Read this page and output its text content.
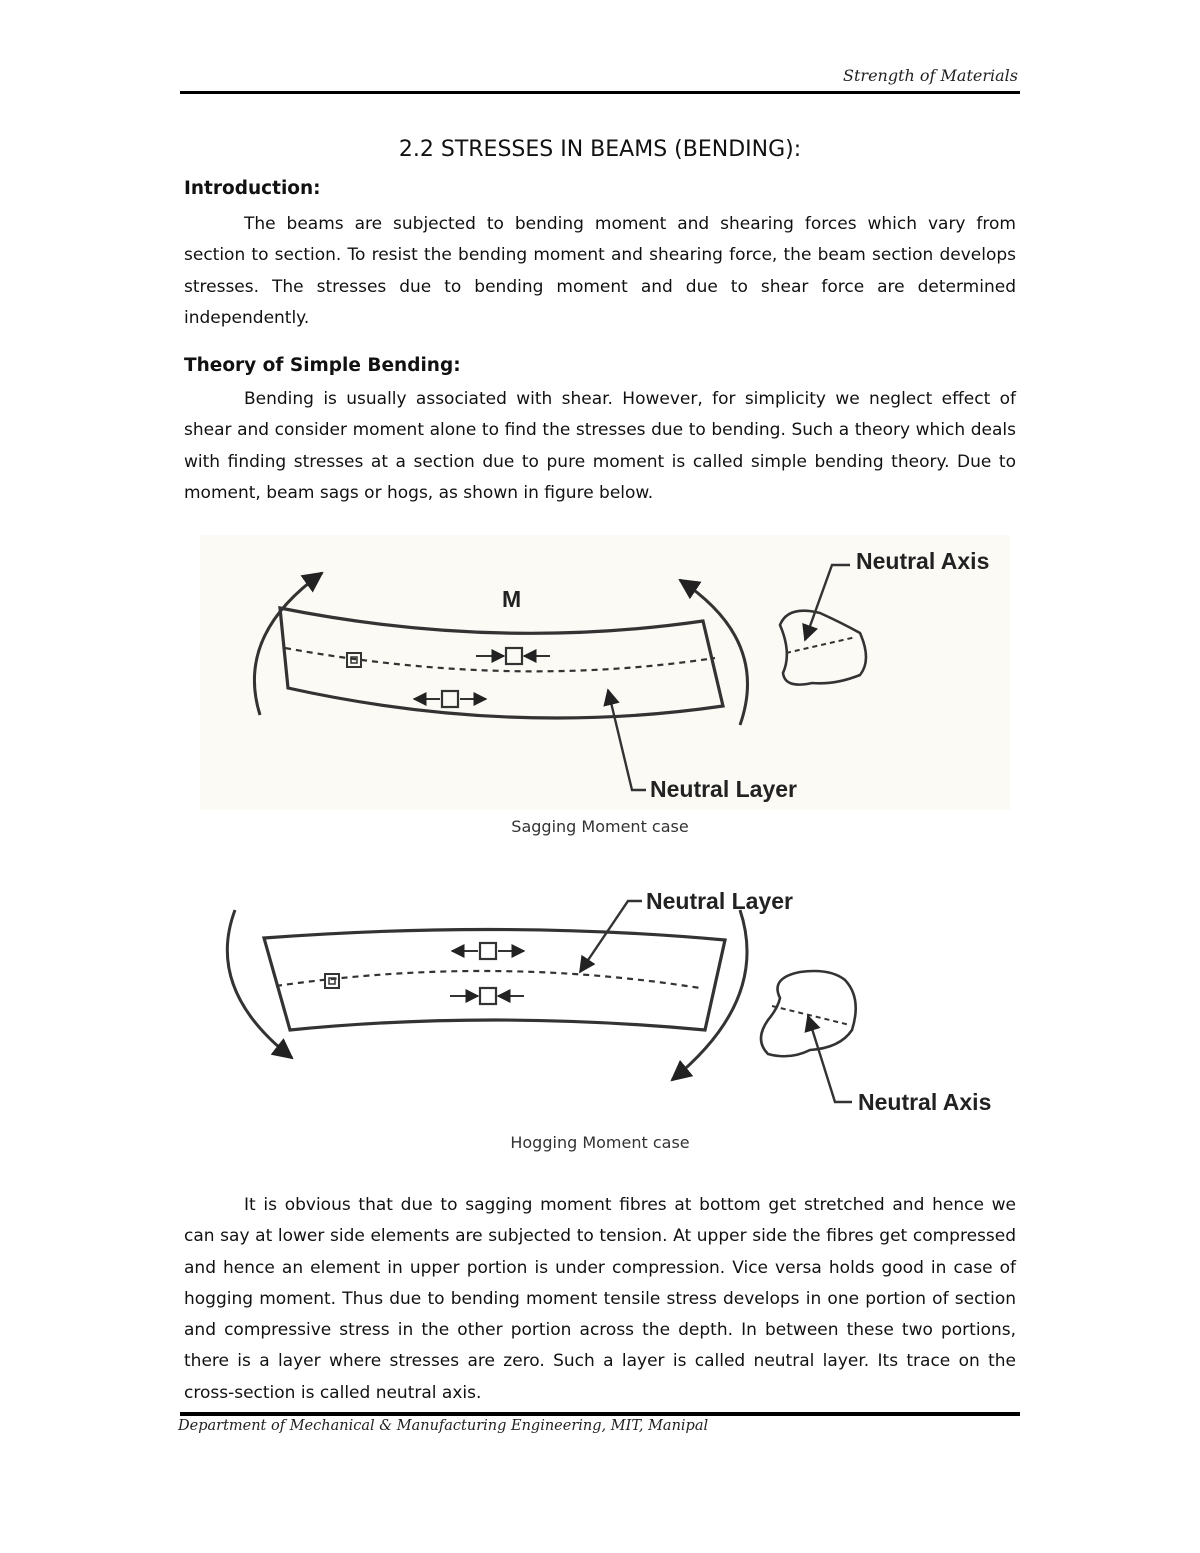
Strength of Materials
2.2 STRESSES IN BEAMS (BENDING):
Introduction:

The beams are subjected to bending moment and shearing forces which vary from section to section. To resist the bending moment and shearing force, the beam section develops stresses. The stresses due to bending moment and due to shear force are determined independently.

Theory of Simple Bending:

Bending is usually associated with shear. However, for simplicity we neglect effect of shear and consider moment alone to find the stresses due to bending. Such a theory which deals with finding stresses at a section due to pure moment is called simple bending theory. Due to moment, beam sags or hogs, as shown in figure below.

M
Neutral Axis
Neutral Layer
Sagging Moment case
Neutral Layer
Neutral Axis
Hogging Moment case

It is obvious that due to sagging moment fibres at bottom get stretched and hence we can say at lower side elements are subjected to tension. At upper side the fibres get compressed and hence an element in upper portion is under compression. Vice versa holds good in case of hogging moment. Thus due to bending moment tensile stress develops in one portion of section and compressive stress in the other portion across the depth. In between these two portions, there is a layer where stresses are zero. Such a layer is called neutral layer. Its trace on the cross-section is called neutral axis.

Department of Mechanical & Manufacturing Engineering, MIT, Manipal
